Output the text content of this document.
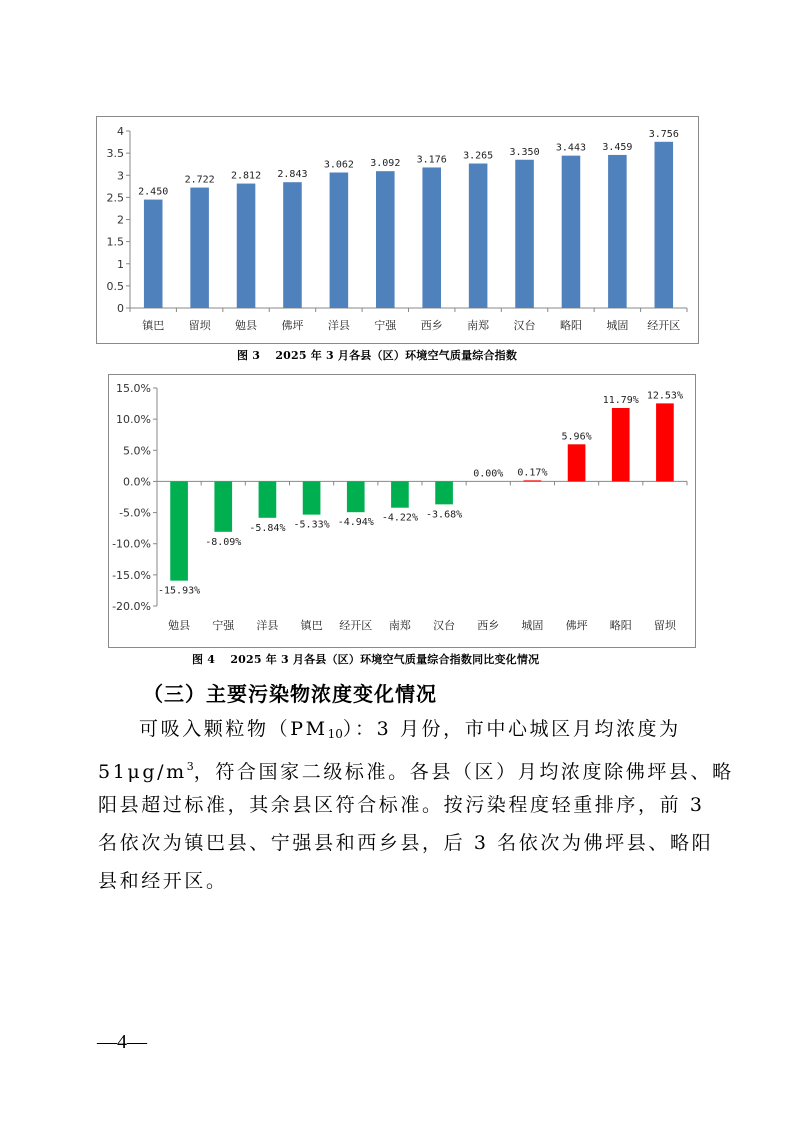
0
0.5
1
1.5
2
2.5
3
3.5
4
2.450
镇巴
2.722
留坝
2.812
勉县
2.843
佛坪
3.062
洋县
3.092
宁强
3.176
西乡
3.265
南郑
3.350
汉台
3.443
略阳
3.459
城固
3.756
经开区
图 3　 2025 年 3 月各县（区）环境空气质量综合指数
-20.0%
-15.0%
-10.0%
-5.0%
0.0%
5.0%
10.0%
15.0%
-15.93%
勉县
-8.09%
宁强
-5.84%
洋县
-5.33%
镇巴
-4.94%
经开区
-4.22%
南郑
-3.68%
汉台
0.00%
西乡
0.17%
城固
5.96%
佛坪
11.79%
略阳
12.53%
留坝
图 4　 2025 年 3 月各县（区）环境空气质量综合指数同比变化情况
（三）主要污染物浓度变化情况
可吸入颗粒物$(PM_{10})$：3 月份，市中心城区月均浓度为
$51\mu g/m^3$，符合国家二级标准。各县（区）月均浓度除佛坪县、略
阳县超过标准，其余县区符合标准。按污染程度轻重排序，前 3
名依次为镇巴县、宁强县和西乡县，后 3 名依次为佛坪县、略阳
县和经开区。
—4—
